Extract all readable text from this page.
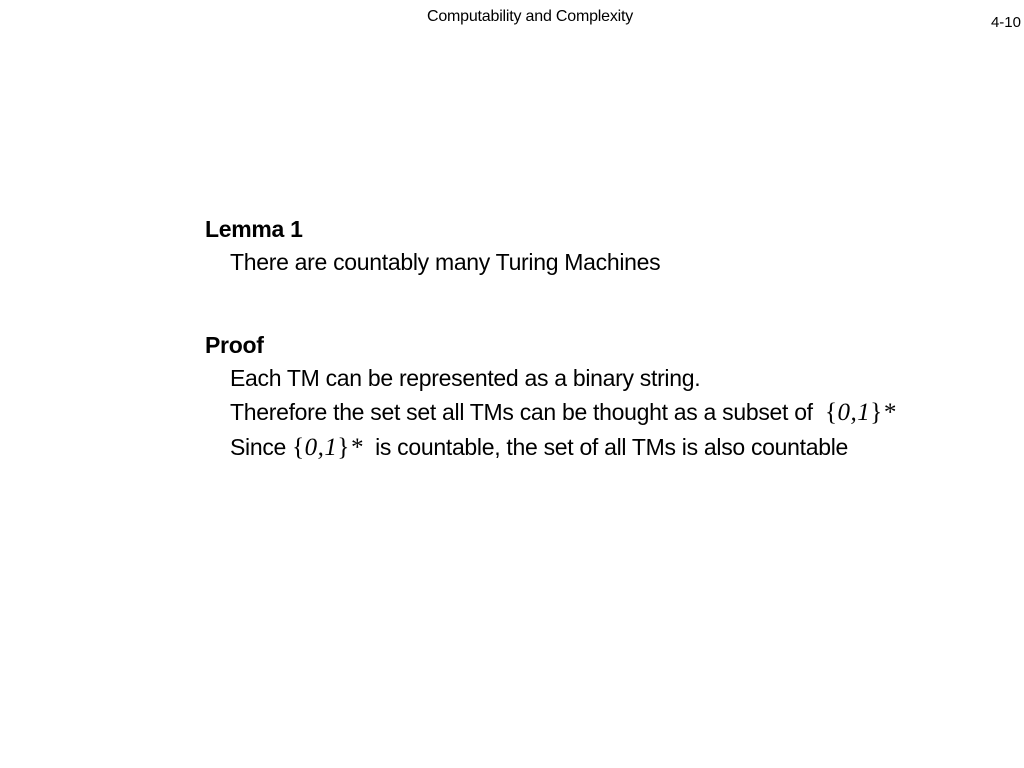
Computability and Complexity	4-10
Lemma 1
There are countably many Turing Machines
Proof
Each TM can be represented as a binary string.
Therefore the set set all TMs can be thought as a subset of {0,1}*
Since {0,1}* is countable, the set of all TMs is also countable
